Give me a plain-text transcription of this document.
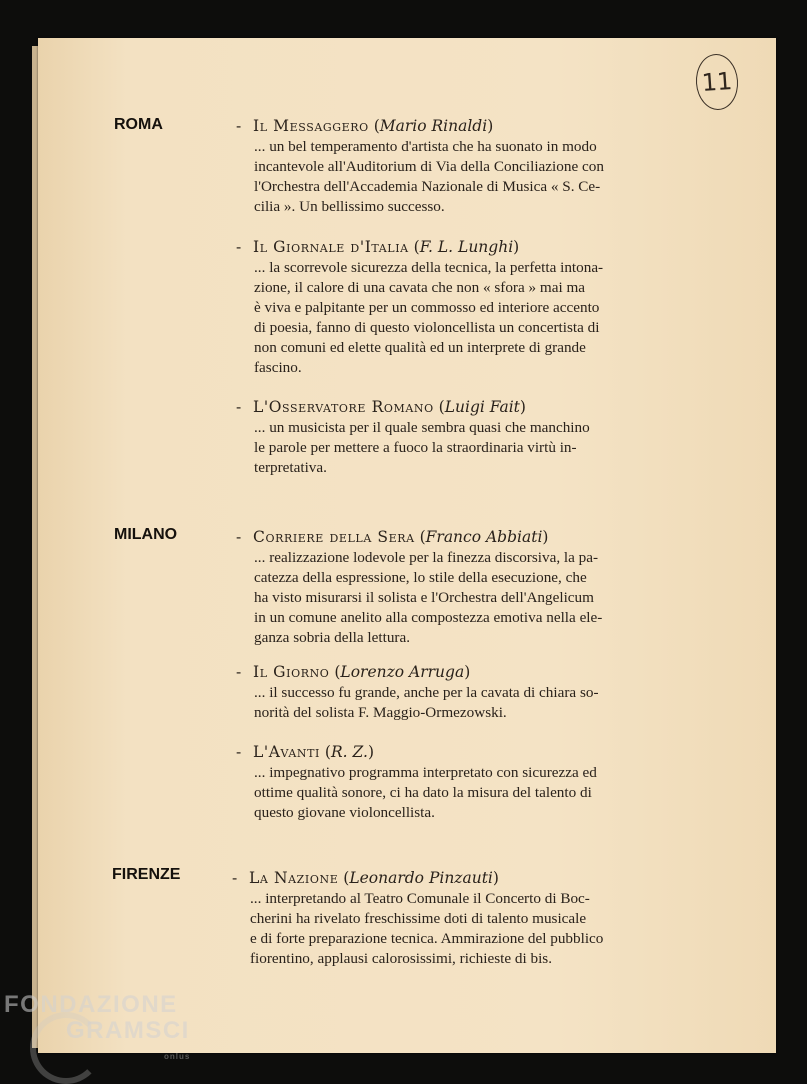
11
ROMA	- Il Messaggero (Mario Rinaldi)
... un bel temperamento d'artista che ha suonato in modo
incantevole all'Auditorium di Via della Conciliazione con
l'Orchestra dell'Accademia Nazionale di Musica « S. Ce-
cilia ». Un bellissimo successo.
- Il Giornale d'Italia (F. L. Lunghi)
... la scorrevole sicurezza della tecnica, la perfetta intona-
zione, il calore di una cavata che non « sfora » mai ma
è viva e palpitante per un commosso ed interiore accento
di poesia, fanno di questo violoncellista un concertista di
non comuni ed elette qualità ed un interprete di grande
fascino.
- L'Osservatore Romano (Luigi Fait)
... un musicista per il quale sembra quasi che manchino
le parole per mettere a fuoco la straordinaria virtù in-
terpretativa.
MILANO	- Corriere della Sera (Franco Abbiati)
... realizzazione lodevole per la finezza discorsiva, la pa-
catezza della espressione, lo stile della esecuzione, che
ha visto misurarsi il solista e l'Orchestra dell'Angelicum
in un comune anelito alla compostezza emotiva nella ele-
ganza sobria della lettura.
- Il Giorno (Lorenzo Arruga)
... il successo fu grande, anche per la cavata di chiara so-
norità del solista F. Maggio-Ormezowski.
- L'Avanti (R. Z.)
... impegnativo programma interpretato con sicurezza ed
ottime qualità sonore, ci ha dato la misura del talento di
questo giovane violoncellista.
FIRENZE	- La Nazione (Leonardo Pinzauti)
... interpretando al Teatro Comunale il Concerto di Boc-
cherini ha rivelato freschissime doti di talento musicale
e di forte preparazione tecnica. Ammirazione del pubblico
fiorentino, applausi calorosissimi, richieste di bis.
FONDAZIONE
GRAMSCI
onlus
